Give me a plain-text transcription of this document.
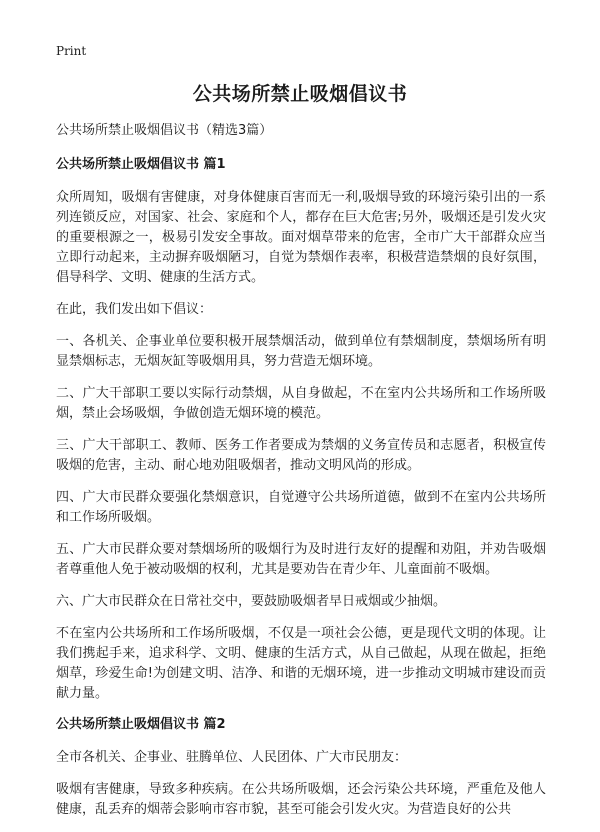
Print
公共场所禁止吸烟倡议书
公共场所禁止吸烟倡议书（精选3篇）
公共场所禁止吸烟倡议书 篇1

众所周知，吸烟有害健康，对身体健康百害而无一利,吸烟导致的环境污染引出的一系列连锁反应，对国家、社会、家庭和个人，都存在巨大危害;另外，吸烟还是引发火灾的重要根源之一，极易引发安全事故。面对烟草带来的危害，全市广大干部群众应当立即行动起来，主动摒弃吸烟陋习，自觉为禁烟作表率，积极营造禁烟的良好氛围，倡导科学、文明、健康的生活方式。

在此，我们发出如下倡议：

一、各机关、企事业单位要积极开展禁烟活动，做到单位有禁烟制度，禁烟场所有明显禁烟标志，无烟灰缸等吸烟用具，努力营造无烟环境。

二、广大干部职工要以实际行动禁烟，从自身做起，不在室内公共场所和工作场所吸烟，禁止会场吸烟，争做创造无烟环境的模范。

三、广大干部职工、教师、医务工作者要成为禁烟的义务宣传员和志愿者，积极宣传吸烟的危害，主动、耐心地劝阻吸烟者，推动文明风尚的形成。

四、广大市民群众要强化禁烟意识，自觉遵守公共场所道德，做到不在室内公共场所和工作场所吸烟。

五、广大市民群众要对禁烟场所的吸烟行为及时进行友好的提醒和劝阻，并劝告吸烟者尊重他人免于被动吸烟的权利，尤其是要劝告在青少年、儿童面前不吸烟。

六、广大市民群众在日常社交中，要鼓励吸烟者早日戒烟或少抽烟。

不在室内公共场所和工作场所吸烟，不仅是一项社会公德，更是现代文明的体现。让我们携起手来，追求科学、文明、健康的生活方式，从自己做起，从现在做起，拒绝烟草，珍爱生命!为创建文明、洁净、和谐的无烟环境，进一步推动文明城市建设而贡献力量。

公共场所禁止吸烟倡议书 篇2

全市各机关、企事业、驻腾单位、人民团体、广大市民朋友：

吸烟有害健康，导致多种疾病。在公共场所吸烟，还会污染公共环境，严重危及他人健康，乱丢弃的烟蒂会影响市容市貌，甚至可能会引发火灾。为营造良好的公共
